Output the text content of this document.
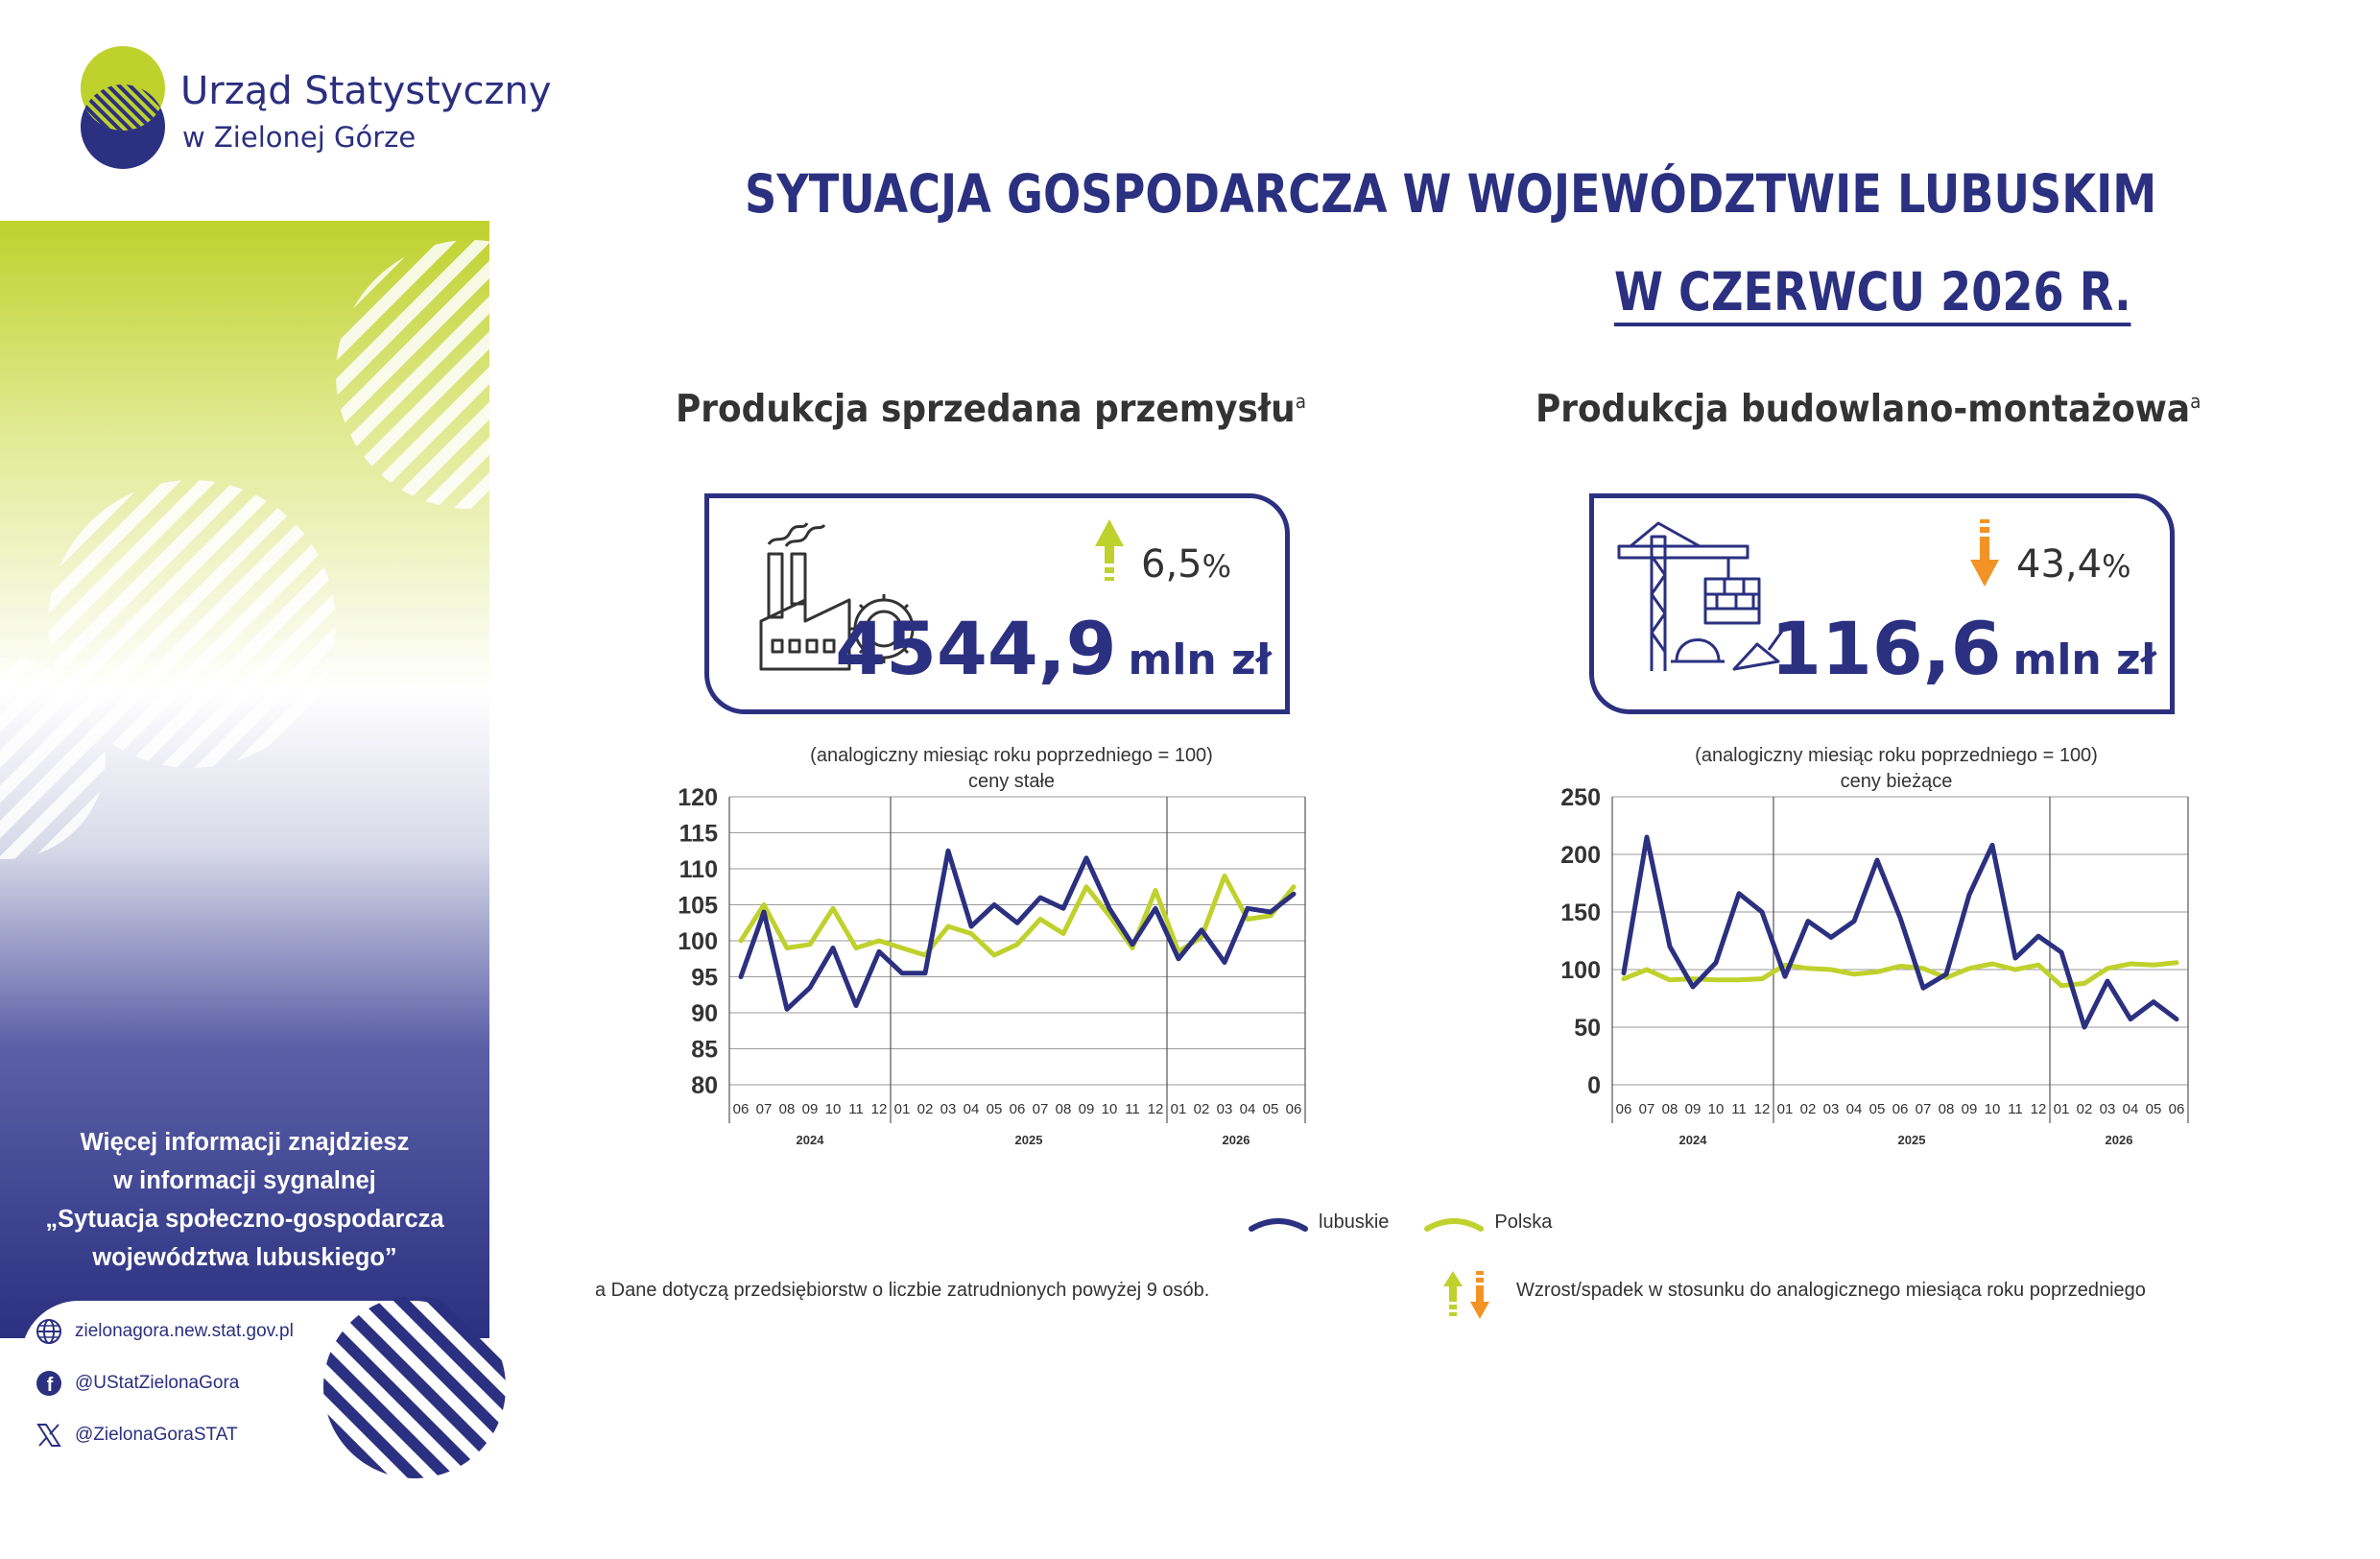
Więcej informacji znajdziesz
w informacji sygnalnej
„Sytuacja społeczno-gospodarcza
województwa lubuskiego”
zielonagora.new.stat.gov.pl
f @UStatZielonaGora
@ZielonaGoraSTAT
Informatorium statystyczne
tel. 68 322 31 28
Urząd Statystyczny
w Zielonej Górze
SYTUACJA GOSPODARCZA W WOJEWÓDZTWIE LUBUSKIM
W CZERWCU 2026 R.
Produkcja sprzedana przemysłu$^a$
6,5%
4544,9 mln zł
(analogiczny miesiąc roku poprzedniego = 100)
ceny stałe
80
85
90
95
100
105
110
115
120
2024	2025	2026
06 07 08 09 10 11 12 01 02 03 04 05 06 07 08 09 10 11 12 01 02 03 04 05 06
Produkcja budowlano-montażowa$^a$
43,4%
116,6 mln zł
(analogiczny miesiąc roku poprzedniego = 100)
ceny bieżące
0
50
100
150
200
250
2024	2025	2026
06 07 08 09 10 11 12 01 02 03 04 05 06 07 08 09 10 11 12 01 02 03 04 05 06
lubuskie	Polska
a Dane dotyczą przedsiębiorstw o liczbie zatrudnionych powyżej 9 osób.	Wzrost/spadek w stosunku do analogicznego miesiąca roku poprzedniego
